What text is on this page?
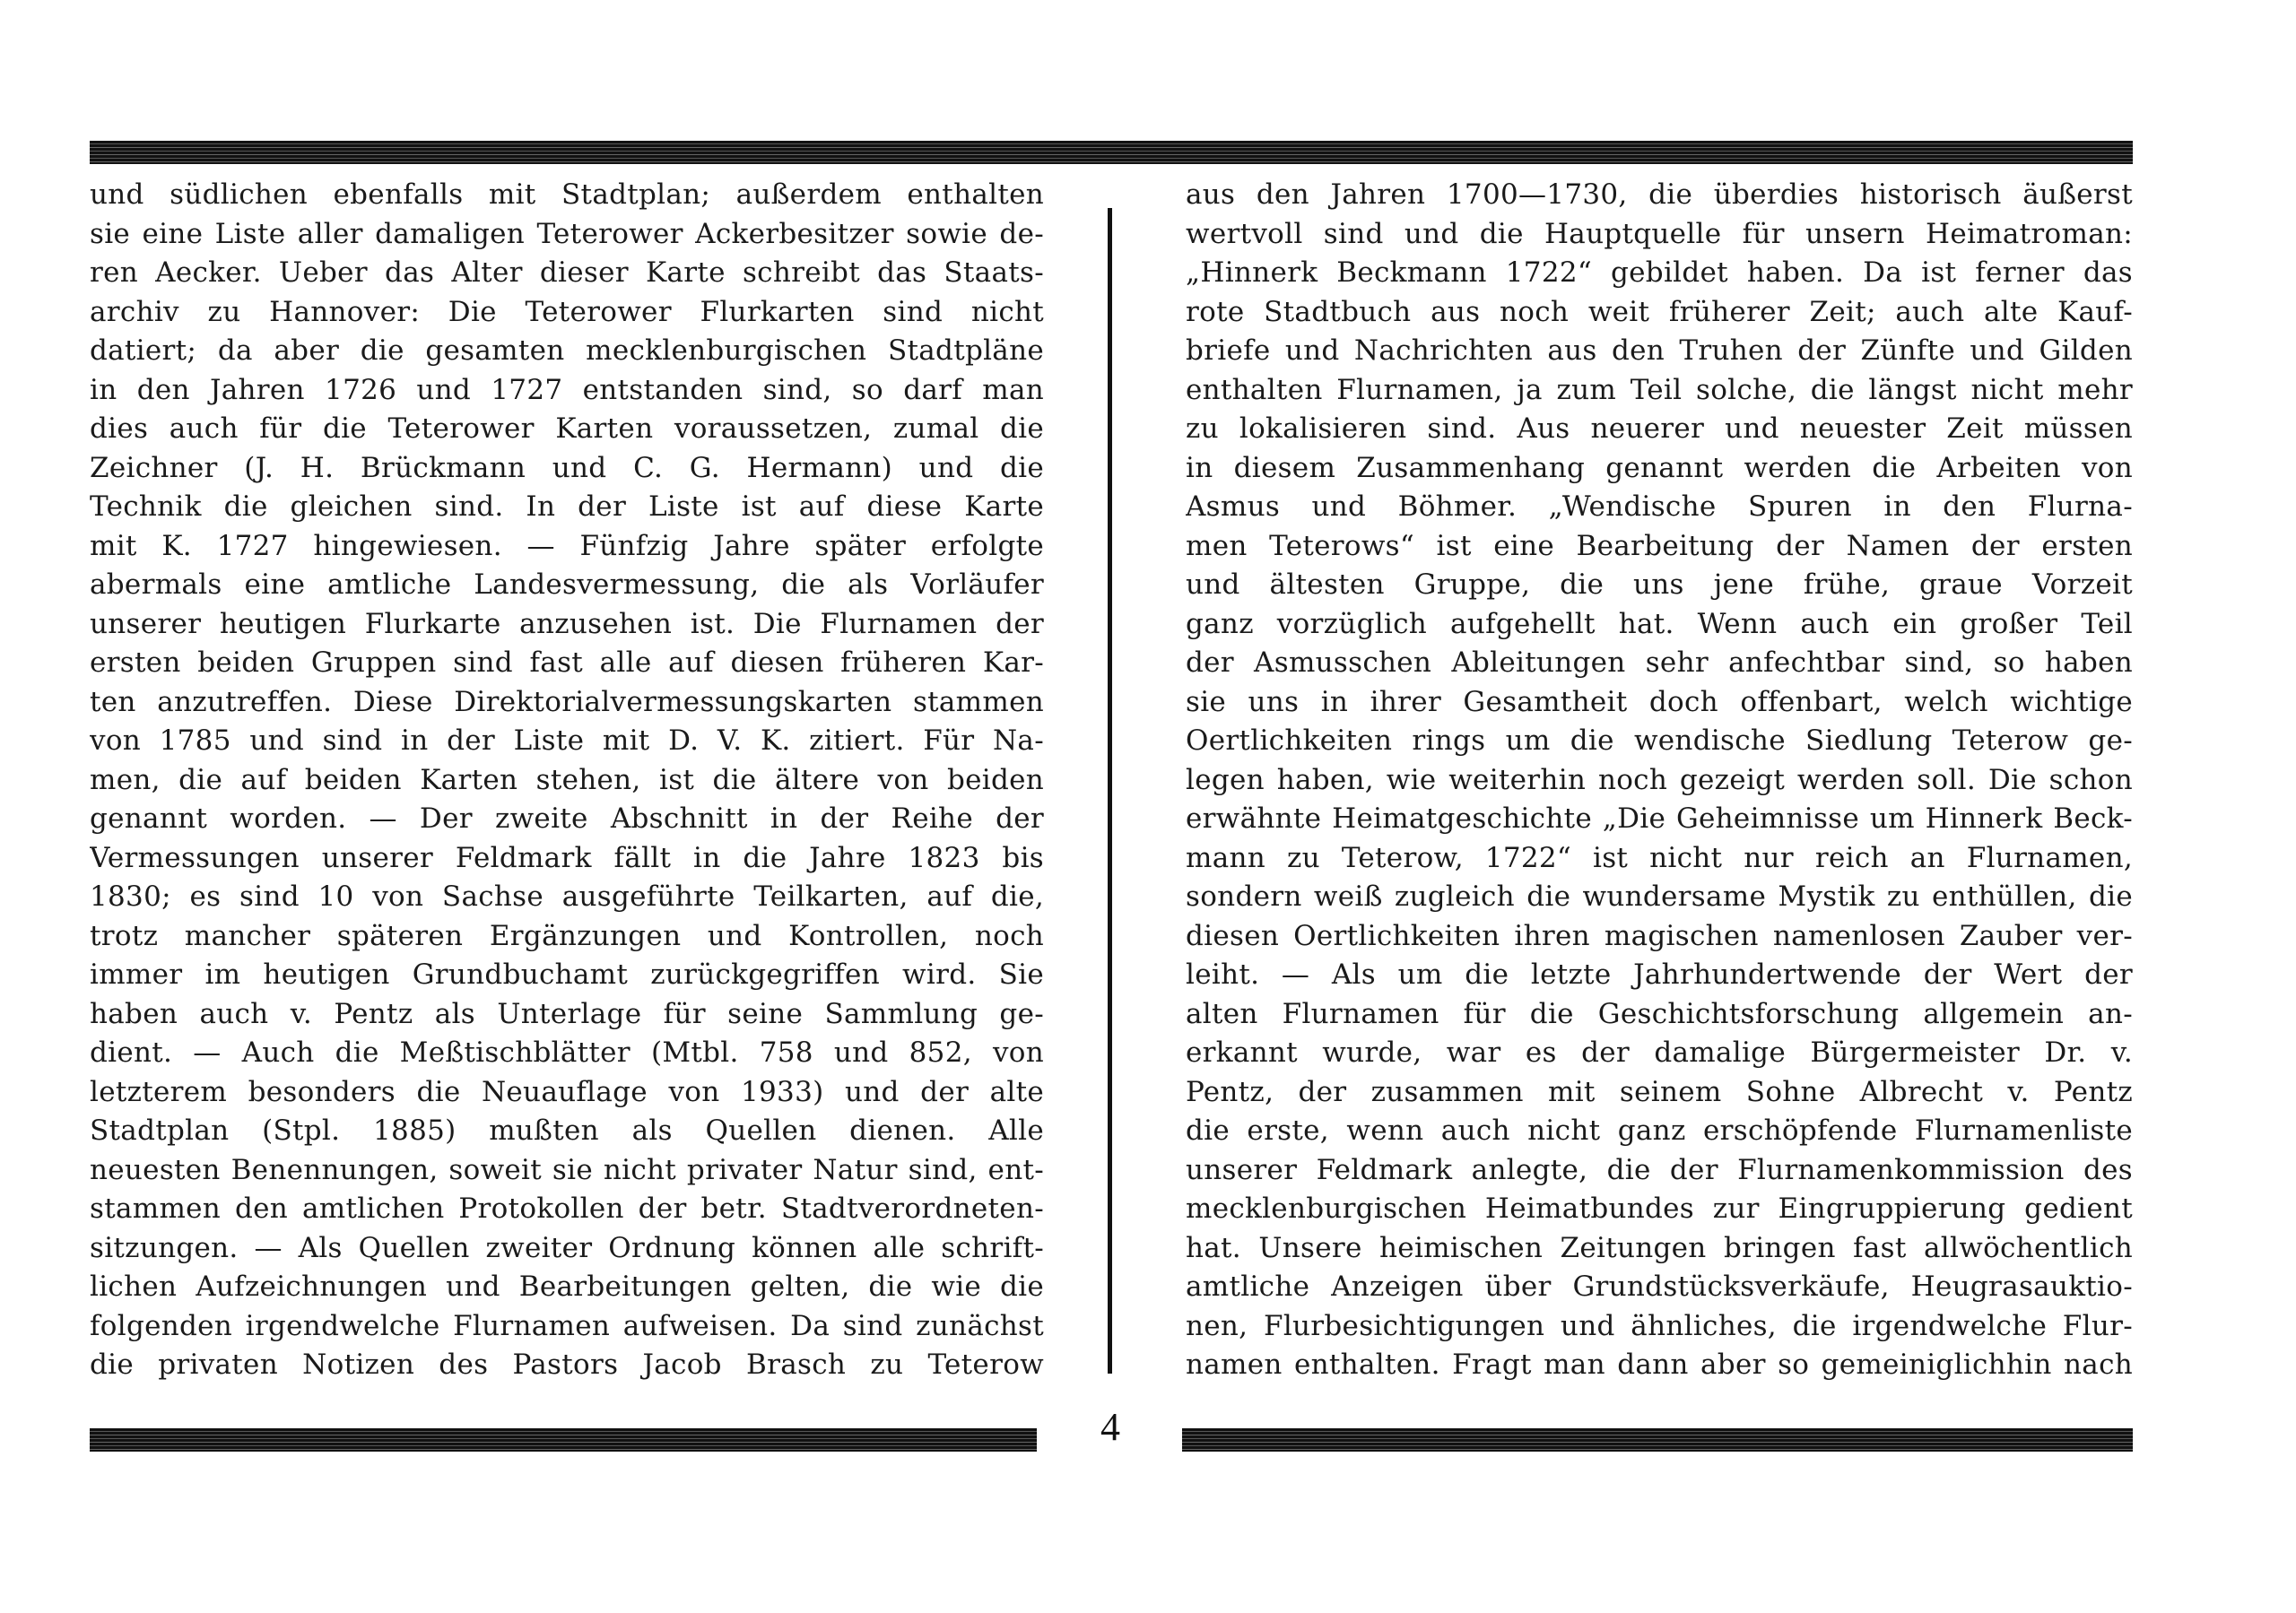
und südlichen ebenfalls mit Stadtplan; außerdem enthalten
sie eine Liste aller damaligen Teterower Ackerbesitzer sowie de-
ren Aecker. Ueber das Alter dieser Karte schreibt das Staats-
archiv zu Hannover: Die Teterower Flurkarten sind nicht
datiert; da aber die gesamten mecklenburgischen Stadtpläne
in den Jahren 1726 und 1727 entstanden sind, so darf man
dies auch für die Teterower Karten voraussetzen, zumal die
Zeichner (J. H. Brückmann und C. G. Hermann) und die
Technik die gleichen sind. In der Liste ist auf diese Karte
mit K. 1727 hingewiesen. — Fünfzig Jahre später erfolgte
abermals eine amtliche Landesvermessung, die als Vorläufer
unserer heutigen Flurkarte anzusehen ist. Die Flurnamen der
ersten beiden Gruppen sind fast alle auf diesen früheren Kar-
ten anzutreffen. Diese Direktorialvermessungskarten stammen
von 1785 und sind in der Liste mit D. V. K. zitiert. Für Na-
men, die auf beiden Karten stehen, ist die ältere von beiden
genannt worden. — Der zweite Abschnitt in der Reihe der
Vermessungen unserer Feldmark fällt in die Jahre 1823 bis
1830; es sind 10 von Sachse ausgeführte Teilkarten, auf die,
trotz mancher späteren Ergänzungen und Kontrollen, noch
immer im heutigen Grundbuchamt zurückgegriffen wird. Sie
haben auch v. Pentz als Unterlage für seine Sammlung ge-
dient. — Auch die Meßtischblätter (Mtbl. 758 und 852, von
letzterem besonders die Neuauflage von 1933) und der alte
Stadtplan (Stpl. 1885) mußten als Quellen dienen. Alle
neuesten Benennungen, soweit sie nicht privater Natur sind, ent-
stammen den amtlichen Protokollen der betr. Stadtverordneten-
sitzungen. — Als Quellen zweiter Ordnung können alle schrift-
lichen Aufzeichnungen und Bearbeitungen gelten, die wie die
folgenden irgendwelche Flurnamen aufweisen. Da sind zunächst
die privaten Notizen des Pastors Jacob Brasch zu Teterow
aus den Jahren 1700—1730, die überdies historisch äußerst
wertvoll sind und die Hauptquelle für unsern Heimatroman:
„Hinnerk Beckmann 1722“ gebildet haben. Da ist ferner das
rote Stadtbuch aus noch weit früherer Zeit; auch alte Kauf-
briefe und Nachrichten aus den Truhen der Zünfte und Gilden
enthalten Flurnamen, ja zum Teil solche, die längst nicht mehr
zu lokalisieren sind. Aus neuerer und neuester Zeit müssen
in diesem Zusammenhang genannt werden die Arbeiten von
Asmus und Böhmer. „Wendische Spuren in den Flurna-
men Teterows“ ist eine Bearbeitung der Namen der ersten
und ältesten Gruppe, die uns jene frühe, graue Vorzeit
ganz vorzüglich aufgehellt hat. Wenn auch ein großer Teil
der Asmusschen Ableitungen sehr anfechtbar sind, so haben
sie uns in ihrer Gesamtheit doch offenbart, welch wichtige
Oertlichkeiten rings um die wendische Siedlung Teterow ge-
legen haben, wie weiterhin noch gezeigt werden soll. Die schon
erwähnte Heimatgeschichte „Die Geheimnisse um Hinnerk Beck-
mann zu Teterow, 1722“ ist nicht nur reich an Flurnamen,
sondern weiß zugleich die wundersame Mystik zu enthüllen, die
diesen Oertlichkeiten ihren magischen namenlosen Zauber ver-
leiht. — Als um die letzte Jahrhundertwende der Wert der
alten Flurnamen für die Geschichtsforschung allgemein an-
erkannt wurde, war es der damalige Bürgermeister Dr. v.
Pentz, der zusammen mit seinem Sohne Albrecht v. Pentz
die erste, wenn auch nicht ganz erschöpfende Flurnamenliste
unserer Feldmark anlegte, die der Flurnamenkommission des
mecklenburgischen Heimatbundes zur Eingruppierung gedient
hat. Unsere heimischen Zeitungen bringen fast allwöchentlich
amtliche Anzeigen über Grundstücksverkäufe, Heugrasauktio-
nen, Flurbesichtigungen und ähnliches, die irgendwelche Flur-
namen enthalten. Fragt man dann aber so gemeiniglichhin nach
4
